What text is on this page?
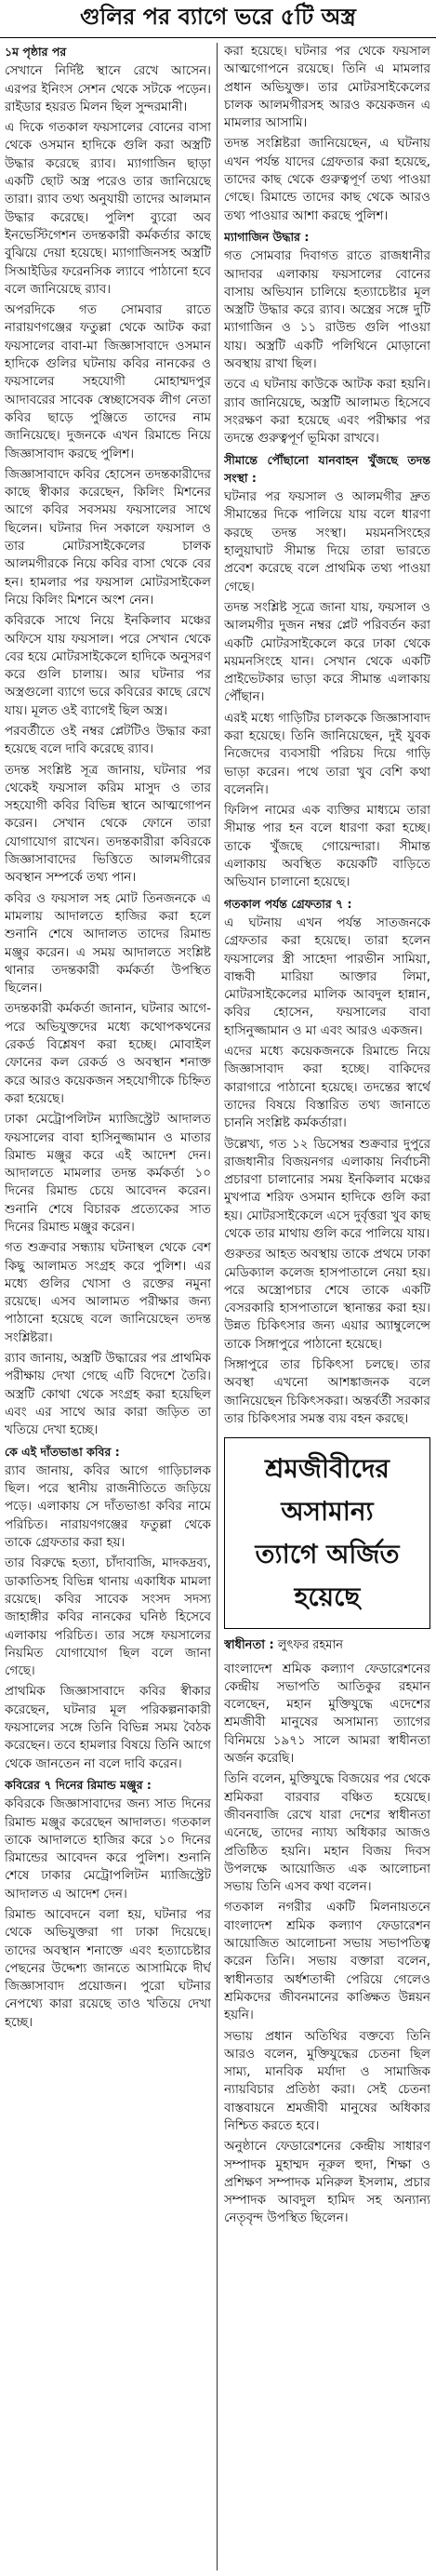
গুলির পর ব্যাগে ভরে ৫টি অস্ত্র

১ম পৃষ্ঠার পর

সেখানে নির্দিষ্ট স্থানে রেখে আসেন। এরপর ইনিংস সেশন থেকে সটকে পড়েন। রাইডার হয়রত মিলন ছিল সুন্দরমানী।

এ দিকে গতকাল ফয়সালের বোনের বাসা থেকে ওসমান হাদিকে গুলি করা অস্ত্রটি উদ্ধার করেছে র‍্যাব। ম্যাগাজিন ছাড়া একটি ছোট অস্ত্র পরেও তার জানিয়েছে তারা। র‍্যাব তথ্য অনুযায়ী তাদের আলমান উদ্ধার করেছে। পুলিশ ব্যুরো অব ইনভেস্টিগেশন তদন্তকারী কর্মকর্তার কাছে বুঝিয়ে দেয়া হয়েছে। ম্যাগাজিনসহ অস্ত্রটি সিআইডির ফরেনসিক ল্যাবে পাঠানো হবে বলে জানিয়েছে র‍্যাব।

অপরদিকে গত সোমবার রাতে নারায়ণগঞ্জের ফতুল্লা থেকে আটক করা ফয়সালের বাবা-মা জিজ্ঞাসাবাদে ওসমান হাদিকে গুলির ঘটনায় কবির নানকের ও ফয়সালের সহযোগী মোহাম্মদপুর আদাবরের সাবেক স্বেচ্ছাসেবক লীগ নেতা কবির ছাড়ে পুঞ্জিতে তাদের নাম জানিয়েছে। দুজনকে এখন রিমান্ডে নিয়ে জিজ্ঞাসাবাদ করছে পুলিশ।

জিজ্ঞাসাবাদে কবির হোসেন তদন্তকারীদের কাছে স্বীকার করেছেন, কিলিং মিশনের আগে কবির সবসময় ফয়সালের সাথে ছিলেন। ঘটনার দিন সকালে ফয়সাল ও তার মোটরসাইকেলের চালক আলমগীরকে নিয়ে কবির বাসা থেকে বের হন। হামলার পর ফয়সাল মোটরসাইকেল নিয়ে কিলিং মিশনে অংশ নেন।

কবিরকে সাথে নিয়ে ইনকিলাব মঞ্চের অফিসে যায় ফয়সাল। পরে সেখান থেকে বের হয়ে মোটরসাইকেলে হাদিকে অনুসরণ করে গুলি চালায়। আর ঘটনার পর অস্ত্রগুলো ব্যাগে ভরে কবিরের কাছে রেখে যায়। মূলত ওই ব্যাগেই ছিল অস্ত্র।

পরবর্তীতে ওই নম্বর প্লেটটিও উদ্ধার করা হয়েছে বলে দাবি করেছে র‍্যাব।

তদন্ত সংশ্লিষ্ট সূত্র জানায়, ঘটনার পর থেকেই ফয়সাল করিম মাসুদ ও তার সহযোগী কবির বিভিন্ন স্থানে আত্মগোপন করেন। সেখান থেকে ফোনে তারা যোগাযোগ রাখেন। তদন্তকারীরা কবিরকে জিজ্ঞাসাবাদের ভিত্তিতে আলমগীরের অবস্থান সম্পর্কে তথ্য পান।

কবির ও ফয়সাল সহ মোট তিনজনকে এ মামলায় আদালতে হাজির করা হলে শুনানি শেষে আদালত তাদের রিমান্ড মঞ্জুর করেন। এ সময় আদালতে সংশ্লিষ্ট থানার তদন্তকারী কর্মকর্তা উপস্থিত ছিলেন।

তদন্তকারী কর্মকর্তা জানান, ঘটনার আগে-পরে অভিযুক্তদের মধ্যে কথোপকথনের রেকর্ড বিশ্লেষণ করা হচ্ছে। মোবাইল ফোনের কল রেকর্ড ও অবস্থান শনাক্ত করে আরও কয়েকজন সহযোগীকে চিহ্নিত করা হয়েছে।

ঢাকা মেট্রোপলিটন ম্যাজিস্ট্রেট আদালত ফয়সালের বাবা হাসিনুজ্জামান ও মাতার রিমান্ড মঞ্জুর করে এই আদেশ দেন। আদালতে মামলার তদন্ত কর্মকর্তা ১০ দিনের রিমান্ড চেয়ে আবেদন করেন। শুনানি শেষে বিচারক প্রত্যেকের সাত দিনের রিমান্ড মঞ্জুর করেন।

গত শুক্রবার সন্ধ্যায় ঘটনাস্থল থেকে বেশ কিছু আলামত সংগ্রহ করে পুলিশ। এর মধ্যে গুলির খোসা ও রক্তের নমুনা রয়েছে। এসব আলামত পরীক্ষার জন্য পাঠানো হয়েছে বলে জানিয়েছেন তদন্ত সংশ্লিষ্টরা।

র‍্যাব জানায়, অস্ত্রটি উদ্ধারের পর প্রাথমিক পরীক্ষায় দেখা গেছে এটি বিদেশে তৈরি। অস্ত্রটি কোথা থেকে সংগ্রহ করা হয়েছিল এবং এর সাথে আর কারা জড়িত তা খতিয়ে দেখা হচ্ছে।

কে এই দাঁতভাঙা কবির :

র‍্যাব জানায়, কবির আগে গাড়িচালক ছিল। পরে স্থানীয় রাজনীতিতে জড়িয়ে পড়ে। এলাকায় সে দাঁতভাঙা কবির নামে পরিচিত। নারায়ণগঞ্জের ফতুল্লা থেকে তাকে গ্রেফতার করা হয়।

তার বিরুদ্ধে হত্যা, চাঁদাবাজি, মাদকদ্রব্য, ডাকাতিসহ বিভিন্ন থানায় একাধিক মামলা রয়েছে। কবির সাবেক সংসদ সদস্য জাহাঙ্গীর কবির নানকের ঘনিষ্ঠ হিসেবে এলাকায় পরিচিত। তার সঙ্গে ফয়সালের নিয়মিত যোগাযোগ ছিল বলে জানা গেছে।

প্রাথমিক জিজ্ঞাসাবাদে কবির স্বীকার করেছেন, ঘটনার মূল পরিকল্পনাকারী ফয়সালের সঙ্গে তিনি বিভিন্ন সময় বৈঠক করেছেন। তবে হামলার বিষয়ে তিনি আগে থেকে জানতেন না বলে দাবি করেন।

কবিরের ৭ দিনের রিমান্ড মঞ্জুর :

কবিরকে জিজ্ঞাসাবাদের জন্য সাত দিনের রিমান্ড মঞ্জুর করেছেন আদালত। গতকাল তাকে আদালতে হাজির করে ১০ দিনের রিমান্ডের আবেদন করে পুলিশ। শুনানি শেষে ঢাকার মেট্রোপলিটন ম্যাজিস্ট্রেট আদালত এ আদেশ দেন।

রিমান্ড আবেদনে বলা হয়, ঘটনার পর থেকে অভিযুক্তরা গা ঢাকা দিয়েছে। তাদের অবস্থান শনাক্তে এবং হত্যাচেষ্টার পেছনের উদ্দেশ্য জানতে আসামিকে দীর্ঘ জিজ্ঞাসাবাদ প্রয়োজন। পুরো ঘটনার নেপথ্যে কারা রয়েছে তাও খতিয়ে দেখা হচ্ছে।

করা হয়েছে। ঘটনার পর থেকে ফয়সাল আত্মগোপনে রয়েছে। তিনি এ মামলার প্রধান অভিযুক্ত। তার মোটরসাইকেলের চালক আলমগীরসহ আরও কয়েকজন এ মামলার আসামি।

তদন্ত সংশ্লিষ্টরা জানিয়েছেন, এ ঘটনায় এখন পর্যন্ত যাদের গ্রেফতার করা হয়েছে, তাদের কাছ থেকে গুরুত্বপূর্ণ তথ্য পাওয়া গেছে। রিমান্ডে তাদের কাছ থেকে আরও তথ্য পাওয়ার আশা করছে পুলিশ।

ম্যাগাজিন উদ্ধার :

গত সোমবার দিবাগত রাতে রাজধানীর আদাবর এলাকায় ফয়সালের বোনের বাসায় অভিযান চালিয়ে হত্যাচেষ্টার মূল অস্ত্রটি উদ্ধার করে র‍্যাব। অস্ত্রের সঙ্গে দুটি ম্যাগাজিন ও ১১ রাউন্ড গুলি পাওয়া যায়। অস্ত্রটি একটি পলিথিনে মোড়ানো অবস্থায় রাখা ছিল।

তবে এ ঘটনায় কাউকে আটক করা হয়নি। র‍্যাব জানিয়েছে, অস্ত্রটি আলামত হিসেবে সংরক্ষণ করা হয়েছে এবং পরীক্ষার পর তদন্তে গুরুত্বপূর্ণ ভূমিকা রাখবে।

সীমান্তে পৌঁছানো যানবাহন খুঁজছে তদন্ত সংস্থা :

ঘটনার পর ফয়সাল ও আলমগীর দ্রুত সীমান্তের দিকে পালিয়ে যায় বলে ধারণা করছে তদন্ত সংস্থা। ময়মনসিংহের হালুয়াঘাট সীমান্ত দিয়ে তারা ভারতে প্রবেশ করেছে বলে প্রাথমিক তথ্য পাওয়া গেছে।

তদন্ত সংশ্লিষ্ট সূত্রে জানা যায়, ফয়সাল ও আলমগীর দুজন নম্বর প্লেট পরিবর্তন করা একটি মোটরসাইকেলে করে ঢাকা থেকে ময়মনসিংহে যান। সেখান থেকে একটি প্রাইভেটকার ভাড়া করে সীমান্ত এলাকায় পৌঁছান।

এরই মধ্যে গাড়িটির চালককে জিজ্ঞাসাবাদ করা হয়েছে। তিনি জানিয়েছেন, দুই যুবক নিজেদের ব্যবসায়ী পরিচয় দিয়ে গাড়ি ভাড়া করেন। পথে তারা খুব বেশি কথা বলেননি।

ফিলিপ নামের এক ব্যক্তির মাধ্যমে তারা সীমান্ত পার হন বলে ধারণা করা হচ্ছে। তাকে খুঁজছে গোয়েন্দারা। সীমান্ত এলাকায় অবস্থিত কয়েকটি বাড়িতে অভিযান চালানো হয়েছে।

গতকাল পর্যন্ত গ্রেফতার ৭ :

এ ঘটনায় এখন পর্যন্ত সাতজনকে গ্রেফতার করা হয়েছে। তারা হলেন ফয়সালের স্ত্রী সাহেদা পারভীন সামিয়া, বান্ধবী মারিয়া আক্তার লিমা, মোটরসাইকেলের মালিক আবদুল হান্নান, কবির হোসেন, ফয়সালের বাবা হাসিনুজ্জামান ও মা এবং আরও একজন।

এদের মধ্যে কয়েকজনকে রিমান্ডে নিয়ে জিজ্ঞাসাবাদ করা হচ্ছে। বাকিদের কারাগারে পাঠানো হয়েছে। তদন্তের স্বার্থে তাদের বিষয়ে বিস্তারিত তথ্য জানাতে চাননি সংশ্লিষ্ট কর্মকর্তারা।

উল্লেখ্য, গত ১২ ডিসেম্বর শুক্রবার দুপুরে রাজধানীর বিজয়নগর এলাকায় নির্বাচনী প্রচারণা চালানোর সময় ইনকিলাব মঞ্চের মুখপাত্র শরিফ ওসমান হাদিকে গুলি করা হয়। মোটরসাইকেলে এসে দুর্বৃত্তরা খুব কাছ থেকে তার মাথায় গুলি করে পালিয়ে যায়।

গুরুতর আহত অবস্থায় তাকে প্রথমে ঢাকা মেডিক্যাল কলেজ হাসপাতালে নেয়া হয়। পরে অস্ত্রোপচার শেষে তাকে একটি বেসরকারি হাসপাতালে স্থানান্তর করা হয়। উন্নত চিকিৎসার জন্য এয়ার অ্যাম্বুলেন্সে তাকে সিঙ্গাপুরে পাঠানো হয়েছে।

সিঙ্গাপুরে তার চিকিৎসা চলছে। তার অবস্থা এখনো আশঙ্কাজনক বলে জানিয়েছেন চিকিৎসকরা। অন্তর্বর্তী সরকার তার চিকিৎসার সমস্ত ব্যয় বহন করছে।

শ্রমজীবীদের অসামান্য
ত্যাগে অর্জিত হয়েছে

স্বাধীনতা : লুৎফর রহমান

বাংলাদেশ শ্রমিক কল্যাণ ফেডারেশনের কেন্দ্রীয় সভাপতি আতিকুর রহমান বলেছেন, মহান মুক্তিযুদ্ধে এদেশের শ্রমজীবী মানুষের অসামান্য ত্যাগের বিনিময়ে ১৯৭১ সালে আমরা স্বাধীনতা অর্জন করেছি।

তিনি বলেন, মুক্তিযুদ্ধে বিজয়ের পর থেকে শ্রমিকরা বারবার বঞ্চিত হয়েছে। জীবনবাজি রেখে যারা দেশের স্বাধীনতা এনেছে, তাদের ন্যায্য অধিকার আজও প্রতিষ্ঠিত হয়নি। মহান বিজয় দিবস উপলক্ষে আয়োজিত এক আলোচনা সভায় তিনি এসব কথা বলেন।

গতকাল নগরীর একটি মিলনায়তনে বাংলাদেশ শ্রমিক কল্যাণ ফেডারেশন আয়োজিত আলোচনা সভায় সভাপতিত্ব করেন তিনি। সভায় বক্তারা বলেন, স্বাধীনতার অর্ধশতাব্দী পেরিয়ে গেলেও শ্রমিকদের জীবনমানের কাঙ্ক্ষিত উন্নয়ন হয়নি।

সভায় প্রধান অতিথির বক্তব্যে তিনি আরও বলেন, মুক্তিযুদ্ধের চেতনা ছিল সাম্য, মানবিক মর্যাদা ও সামাজিক ন্যায়বিচার প্রতিষ্ঠা করা। সেই চেতনা বাস্তবায়নে শ্রমজীবী মানুষের অধিকার নিশ্চিত করতে হবে।

অনুষ্ঠানে ফেডারেশনের কেন্দ্রীয় সাধারণ সম্পাদক মুহাম্মদ নূরুল হুদা, শিক্ষা ও প্রশিক্ষণ সম্পাদক মনিরুল ইসলাম, প্রচার সম্পাদক আবদুল হামিদ সহ অন্যান্য নেতৃবৃন্দ উপস্থিত ছিলেন।
